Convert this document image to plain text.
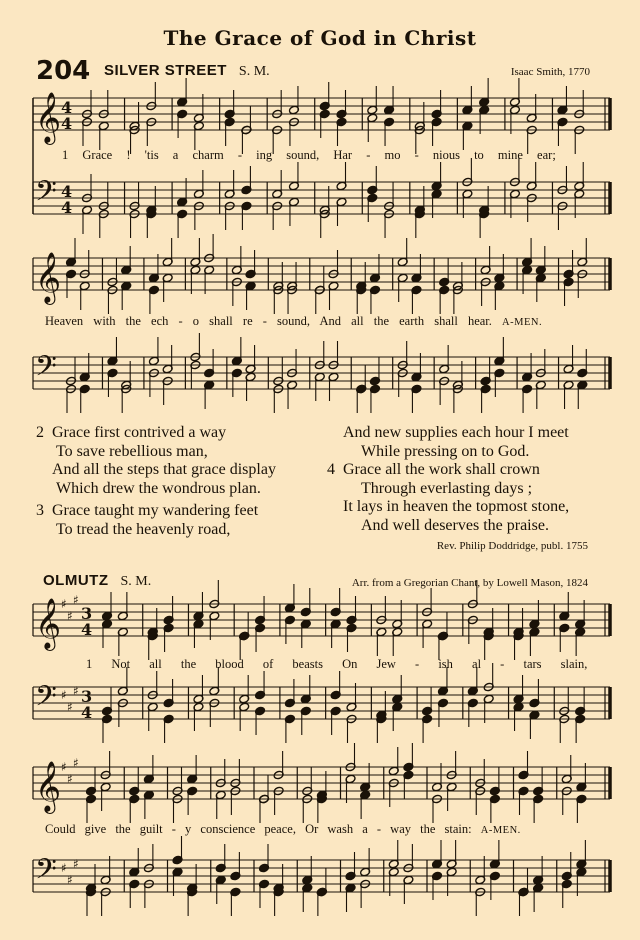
𝄞 4
4
𝄢 4
4
𝄞
𝄢
𝄞 ♯
♯
♯
3
4
𝄢 ♯
♯
♯ 3
4
𝄞 ♯
♯
♯
𝄢 ♯
♯
♯
The Grace of God in Christ
204 SILVER STREET S. M.	Isaac Smith, 1770
1 Grace ! 'tis a charm - ing sound, Har - mo - nious to mine ear;
Heaven with the ech - o shall re - sound, And all the earth shall hear. A-MEN.
2 Grace first contrived a way
To save rebellious man,
And all the steps that grace display
Which drew the wondrous plan.
3 Grace taught my wandering feet
To tread the heavenly road,
And new supplies each hour I meet
While pressing on to God.
4 Grace all the work shall crown
Through everlasting days ;
It lays in heaven the topmost stone,
And well deserves the praise.
Rev. Philip Doddridge, publ. 1755
OLMUTZ S. M.	Arr. from a Gregorian Chant, by Lowell Mason, 1824
1 Not all the blood of beasts On Jew - ish al - tars slain,
Could give the guilt - y conscience peace, Or wash a - way the stain: A-MEN.
